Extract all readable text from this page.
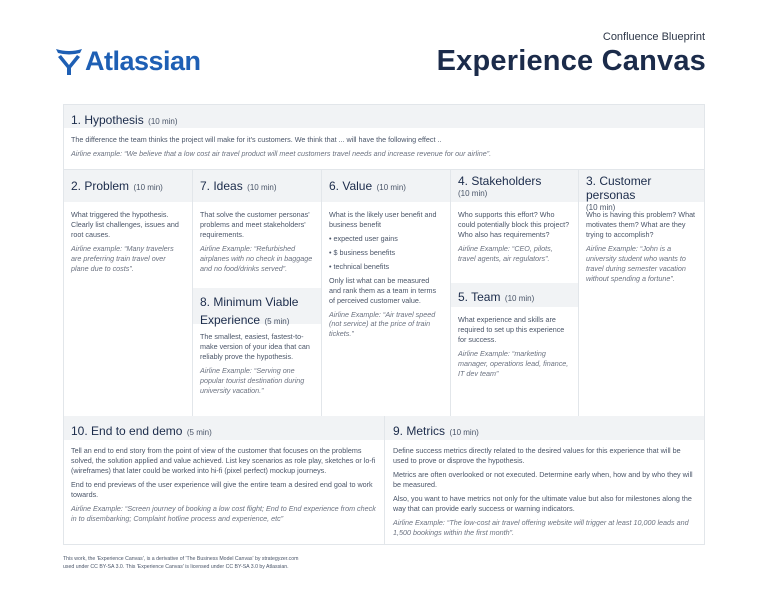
Atlassian
Confluence Blueprint
Experience Canvas
1. Hypothesis (10 min)

The difference the team thinks the project will make for it's customers. We think that ... will have the following effect ..

Airline example: “We believe that a low cost air travel product will meet customers travel needs and increase revenue for our airline”.

2. Problem (10 min)	7. Ideas (10 min)	6. Value (10 min)	4. Stakeholders
(10 min)
3. Customer personas
(10 min)

What triggered the hypothesis. Clearly list challenges, issues and root causes.

Airline example: “Many travelers are preferring train travel over plane due to costs”.

That solve the customer personas' problems and meet stakeholders' requirements.

Airline Example: “Refurbished airplanes with no check in baggage and no food/drinks served”.

8. Minimum Viable Experience (5 min)

The smallest, easiest, fastest-to-make version of your idea that can reliably prove the hypothesis.

Airline Example: “Serving one popular tourist destination during university vacation.”

What is the likely user benefit and business benefit

• expected user gains

• $ business benefits

• technical benefits

Only list what can be measured and rank them as a team in terms of perceived customer value.

Airline Example: “Air travel speed (not service) at the price of train tickets.”

Who supports this effort? Who could potentially block this project? Who also has requirements?

Airline Example: “CEO, pilots, travel agents, air regulators”.

5. Team (10 min)

What experience and skills are required to set up this experience for success.

Airline Example: “marketing manager, operations lead, finance, IT dev team”

Who is having this problem? What motivates them? What are they trying to accomplish?

Airline Example: “John is a university student who wants to travel during semester vacation without spending a fortune”.

10. End to end demo (5 min)	9. Metrics (10 min)

Tell an end to end story from the point of view of the customer that focuses on the problems solved, the solution applied and value achieved. List key scenarios as role play, sketches or lo-fi (wireframes) that later could be worked into hi-fi (pixel perfect) mockup journeys.

End to end previews of the user experience will give the entire team a desired end goal to work towards.

Airline Example: “Screen journey of booking a low cost flight; End to End experience from check in to disembarking; Complaint hotline process and experience, etc”

Define success metrics directly related to the desired values for this experience that will be used to prove or disprove the hypothesis.

Metrics are often overlooked or not executed. Determine early when, how and by who they will be measured.

Also, you want to have metrics not only for the ultimate value but also for milestones along the way that can provide early success or warning indicators.

Airline Example: “The low-cost air travel offering website will trigger at least 10,000 leads and 1,500 bookings within the first month”.

This work, the 'Experience Canvas', is a derivative of 'The Business Model Canvas' by strategyzer.com
used under CC BY-SA 3.0. This 'Experience Canvas' is licensed under CC BY-SA 3.0 by Atlassian.
